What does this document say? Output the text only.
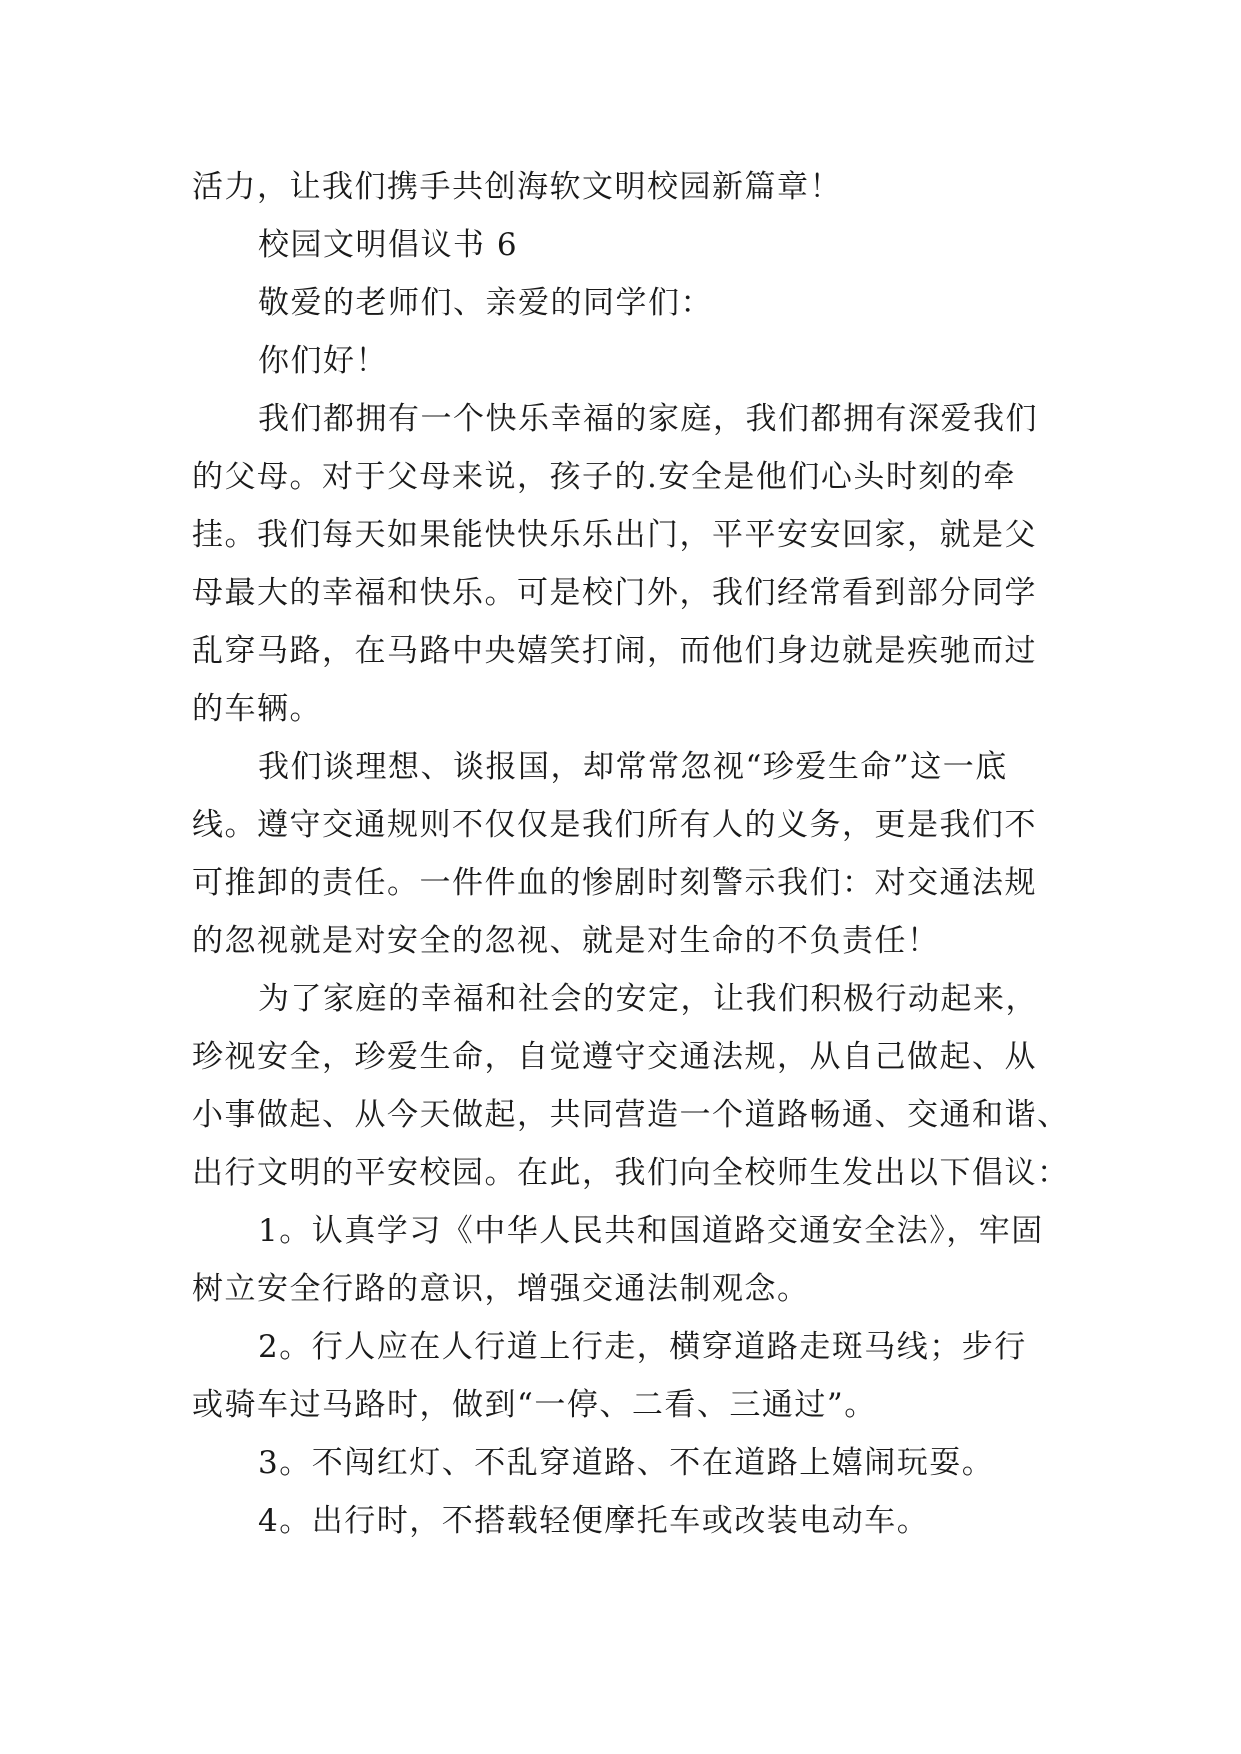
活力，让我们携手共创海软文明校园新篇章！
校园文明倡议书 6
敬爱的老师们、亲爱的同学们：
你们好！
我们都拥有一个快乐幸福的家庭，我们都拥有深爱我们
的父母。对于父母来说，孩子的.安全是他们心头时刻的牵
挂。我们每天如果能快快乐乐出门，平平安安回家，就是父
母最大的幸福和快乐。可是校门外，我们经常看到部分同学
乱穿马路，在马路中央嬉笑打闹，而他们身边就是疾驰而过
的车辆。
我们谈理想、谈报国，却常常忽视“珍爱生命”这一底
线。遵守交通规则不仅仅是我们所有人的义务，更是我们不
可推卸的责任。一件件血的惨剧时刻警示我们：对交通法规
的忽视就是对安全的忽视、就是对生命的不负责任！
为了家庭的幸福和社会的安定，让我们积极行动起来，
珍视安全，珍爱生命，自觉遵守交通法规，从自己做起、从
小事做起、从今天做起，共同营造一个道路畅通、交通和谐、
出行文明的平安校园。在此，我们向全校师生发出以下倡议：
1。认真学习《中华人民共和国道路交通安全法》，牢固
树立安全行路的意识，增强交通法制观念。
2。行人应在人行道上行走，横穿道路走斑马线；步行
或骑车过马路时，做到“一停、二看、三通过”。
3。不闯红灯、不乱穿道路、不在道路上嬉闹玩耍。
4。出行时，不搭载轻便摩托车或改装电动车。
